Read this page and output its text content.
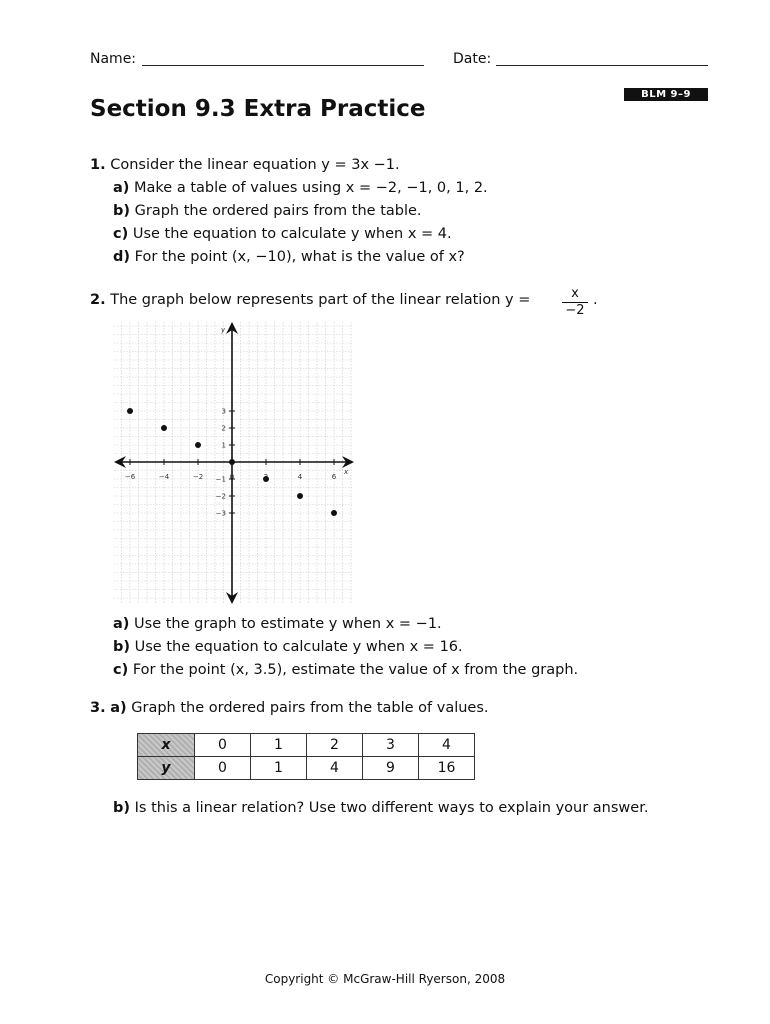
Name:	Date:
BLM 9–9
Section 9.3 Extra Practice
1. Consider the linear equation y = 3x −1.
a) Make a table of values using x = −2, −1, 0, 1, 2.
b) Graph the ordered pairs from the table.
c) Use the equation to calculate y when x = 4.
d) For the point (x, −10), what is the value of x?
2. The graph below represents part of the linear relation y =	x
−2
.
x
y
−6	−4	−2	0	4	6
3
2
1
−1
−2
−3
a) Use the graph to estimate y when x = −1.
b) Use the equation to calculate y when x = 16.
c) For the point (x, 3.5), estimate the value of x from the graph.
3. a) Graph the ordered pairs from the table of values.
x	0	1	2	3	4
y	0	1	4	9	16
b) Is this a linear relation? Use two different ways to explain your answer.
Copyright © McGraw-Hill Ryerson, 2008
